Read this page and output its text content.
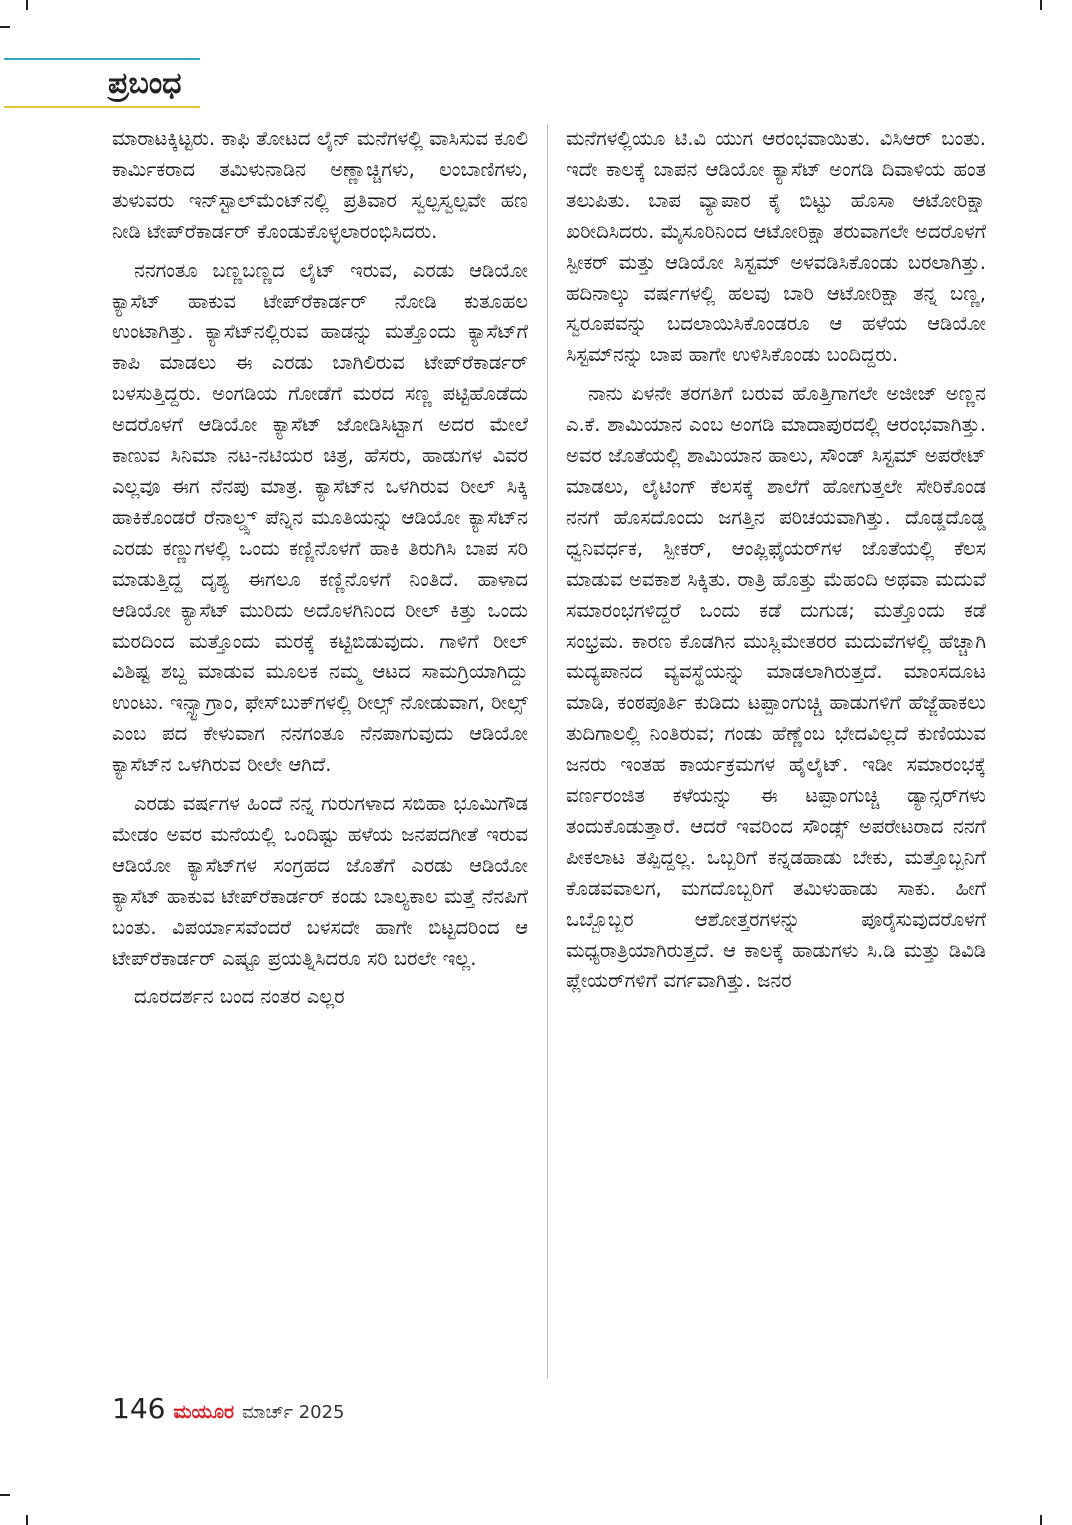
ಪ್ರಬಂಧ

ಮಾರಾಟಕ್ಕಿಟ್ಟರು. ಕಾಫಿ ತೋಟದ ಲೈನ್ ಮನೆಗಳಲ್ಲಿ ವಾಸಿಸುವ ಕೂಲಿ ಕಾರ್ಮಿಕರಾದ ತಮಿಳುನಾಡಿನ ಅಣ್ಣಾಚ್ಚಿಗಳು, ಲಂಬಾಣಿಗಳು, ತುಳುವರು ಇನ್‌ಸ್ಟಾಲ್‌ಮೆಂಟ್‌ನಲ್ಲಿ ಪ್ರತಿವಾರ ಸ್ವಲ್ಪಸ್ವಲ್ಪವೇ ಹಣ ನೀಡಿ ಟೇಪ್‌ರೆಕಾರ್ಡರ್ ಕೊಂಡುಕೊಳ್ಳಲಾರಂಭಿಸಿದರು.

ನನಗಂತೂ ಬಣ್ಣಬಣ್ಣದ ಲೈಟ್ ಇರುವ, ಎರಡು ಆಡಿಯೋ ಕ್ಯಾಸೆಟ್ ಹಾಕುವ ಟೇಪ್‌ರೆಕಾರ್ಡರ್ ನೋಡಿ ಕುತೂಹಲ ಉಂಟಾಗಿತ್ತು. ಕ್ಯಾಸೆಟ್‌ನಲ್ಲಿರುವ ಹಾಡನ್ನು ಮತ್ತೊಂದು ಕ್ಯಾಸೆಟ್‌ಗೆ ಕಾಪಿ ಮಾಡಲು ಈ ಎರಡು ಬಾಗಿಲಿರುವ ಟೇಪ್‌ರೆಕಾರ್ಡರ್ ಬಳಸುತ್ತಿದ್ದರು. ಅಂಗಡಿಯ ಗೋಡೆಗೆ ಮರದ ಸಣ್ಣ ಪಟ್ಟಿಹೊಡೆದು ಅದರೊಳಗೆ ಆಡಿಯೋ ಕ್ಯಾಸೆಟ್ ಜೋಡಿಸಿಟ್ಟಾಗ ಅದರ ಮೇಲೆ ಕಾಣುವ ಸಿನಿಮಾ ನಟ-ನಟಿಯರ ಚಿತ್ರ, ಹೆಸರು, ಹಾಡುಗಳ ವಿವರ ಎಲ್ಲವೂ ಈಗ ನೆನಪು ಮಾತ್ರ. ಕ್ಯಾಸೆಟ್‌ನ ಒಳಗಿರುವ ರೀಲ್ ಸಿಕ್ಕಿ ಹಾಕಿಕೊಂಡರೆ ರೆನಾಲ್ಡ್ಸ್ ಪೆನ್ನಿನ ಮೂತಿಯನ್ನು ಆಡಿಯೋ ಕ್ಯಾಸೆಟ್‌ನ ಎರಡು ಕಣ್ಣುಗಳಲ್ಲಿ ಒಂದು ಕಣ್ಣಿನೊಳಗೆ ಹಾಕಿ ತಿರುಗಿಸಿ ಬಾಪ ಸರಿ ಮಾಡುತ್ತಿದ್ದ ದೃಶ್ಯ ಈಗಲೂ ಕಣ್ಣಿನೊಳಗೆ ನಿಂತಿದೆ. ಹಾಳಾದ ಆಡಿಯೋ ಕ್ಯಾಸೆಟ್ ಮುರಿದು ಅದೊಳಗಿನಿಂದ ರೀಲ್ ಕಿತ್ತು ಒಂದು ಮರದಿಂದ ಮತ್ತೊಂದು ಮರಕ್ಕೆ ಕಟ್ಟಿಬಿಡುವುದು. ಗಾಳಿಗೆ ರೀಲ್ ವಿಶಿಷ್ಟ ಶಬ್ದ ಮಾಡುವ ಮೂಲಕ ನಮ್ಮ ಆಟದ ಸಾಮಗ್ರಿಯಾಗಿದ್ದು ಉಂಟು. ಇನ್ಸ್ಟಾಗ್ರಾಂ, ಫೇಸ್‌ಬುಕ್‌ಗಳಲ್ಲಿ ರೀಲ್ಸ್ ನೋಡುವಾಗ, ರೀಲ್ಸ್ ಎಂಬ ಪದ ಕೇಳುವಾಗ ನನಗಂತೂ ನೆನಪಾಗುವುದು ಆಡಿಯೋ ಕ್ಯಾಸೆಟ್‌ನ ಒಳಗಿರುವ ರೀಲೇ ಆಗಿದೆ.

ಎರಡು ವರ್ಷಗಳ ಹಿಂದೆ ನನ್ನ ಗುರುಗಳಾದ ಸಬಿಹಾ ಭೂಮಿಗೌಡ ಮೇಡಂ ಅವರ ಮನೆಯಲ್ಲಿ ಒಂದಿಷ್ಟು ಹಳೆಯ ಜನಪದಗೀತೆ ಇರುವ ಆಡಿಯೋ ಕ್ಯಾಸೆಟ್‌ಗಳ ಸಂಗ್ರಹದ ಜೊತೆಗೆ ಎರಡು ಆಡಿಯೋ ಕ್ಯಾಸೆಟ್ ಹಾಕುವ ಟೇಪ್‌ರೆಕಾರ್ಡರ್ ಕಂಡು ಬಾಲ್ಯಕಾಲ ಮತ್ತೆ ನೆನಪಿಗೆ ಬಂತು. ವಿಪರ್ಯಾಸವೆಂದರೆ ಬಳಸದೇ ಹಾಗೇ ಬಿಟ್ಟದರಿಂದ ಆ ಟೇಪ್‌ರೆಕಾರ್ಡರ್ ಎಷ್ಟೂ ಪ್ರಯತ್ನಿಸಿದರೂ ಸರಿ ಬರಲೇ ಇಲ್ಲ.

ದೂರದರ್ಶನ ಬಂದ ನಂತರ ಎಲ್ಲರ

ಮನೆಗಳಲ್ಲಿಯೂ ಟಿ.ವಿ ಯುಗ ಆರಂಭವಾಯಿತು. ವಿಸಿಆರ್ ಬಂತು. ಇದೇ ಕಾಲಕ್ಕೆ ಬಾಪನ ಆಡಿಯೋ ಕ್ಯಾಸೆಟ್ ಅಂಗಡಿ ದಿವಾಳಿಯ ಹಂತ ತಲುಪಿತು. ಬಾಪ ವ್ಯಾಪಾರ ಕೈ ಬಿಟ್ಟು ಹೊಸಾ ಆಟೋರಿಕ್ಷಾ ಖರೀದಿಸಿದರು. ಮೈಸೂರಿನಿಂದ ಆಟೋರಿಕ್ಷಾ ತರುವಾಗಲೇ ಅದರೊಳಗೆ ಸ್ಪೀಕರ್ ಮತ್ತು ಆಡಿಯೋ ಸಿಸ್ಟಮ್ ಅಳವಡಿಸಿಕೊಂಡು ಬರಲಾಗಿತ್ತು. ಹದಿನಾಲ್ಕು ವರ್ಷಗಳಲ್ಲಿ ಹಲವು ಬಾರಿ ಆಟೋರಿಕ್ಷಾ ತನ್ನ ಬಣ್ಣ, ಸ್ವರೂಪವನ್ನು ಬದಲಾಯಿಸಿಕೊಂಡರೂ ಆ ಹಳೆಯ ಆಡಿಯೋ ಸಿಸ್ಟಮ್‌ನನ್ನು ಬಾಪ ಹಾಗೇ ಉಳಿಸಿಕೊಂಡು ಬಂದಿದ್ದರು.

ನಾನು ಏಳನೇ ತರಗತಿಗೆ ಬರುವ ಹೊತ್ತಿಗಾಗಲೇ ಅಜೀಜ್ ಅಣ್ಣನ ಎ.ಕೆ. ಶಾಮಿಯಾನ ಎಂಬ ಅಂಗಡಿ ಮಾದಾಪುರದಲ್ಲಿ ಆರಂಭವಾಗಿತ್ತು. ಅವರ ಜೊತೆಯಲ್ಲಿ ಶಾಮಿಯಾನ ಹಾಲು, ಸೌಂಡ್ ಸಿಸ್ಟಮ್ ಅಪರೇಟ್ ಮಾಡಲು, ಲೈಟಿಂಗ್ ಕೆಲಸಕ್ಕೆ ಶಾಲೆಗೆ ಹೋಗುತ್ತಲೇ ಸೇರಿಕೊಂಡ ನನಗೆ ಹೊಸದೊಂದು ಜಗತ್ತಿನ ಪರಿಚಯವಾಗಿತ್ತು. ದೊಡ್ಡದೊಡ್ಡ ಧ್ವನಿವರ್ಧಕ, ಸ್ಪೀಕರ್, ಆಂಪ್ಲಿಫೈಯರ್‌ಗಳ ಜೊತೆಯಲ್ಲಿ ಕೆಲಸ ಮಾಡುವ ಅವಕಾಶ ಸಿಕ್ಕಿತು. ರಾತ್ರಿ ಹೊತ್ತು ಮೆಹಂದಿ ಅಥವಾ ಮದುವೆ ಸಮಾರಂಭಗಳಿದ್ದರೆ ಒಂದು ಕಡೆ ದುಗುಡ; ಮತ್ತೊಂದು ಕಡೆ ಸಂಭ್ರಮ. ಕಾರಣ ಕೊಡಗಿನ ಮುಸ್ಲಿಮೇತರರ ಮದುವೆಗಳಲ್ಲಿ ಹೆಚ್ಚಾಗಿ ಮದ್ಯಪಾನದ ವ್ಯವಸ್ಥೆಯನ್ನು ಮಾಡಲಾಗಿರುತ್ತದೆ. ಮಾಂಸದೂಟ ಮಾಡಿ, ಕಂಠಪೂರ್ತಿ ಕುಡಿದು ಟಪ್ಪಾಂಗುಚ್ಚಿ ಹಾಡುಗಳಿಗೆ ಹೆಜ್ಜೆಹಾಕಲು ತುದಿಗಾಲಲ್ಲಿ ನಿಂತಿರುವ; ಗಂಡು ಹೆಣ್ಣೆಂಬ ಭೇದವಿಲ್ಲದೆ ಕುಣಿಯುವ ಜನರು ಇಂತಹ ಕಾರ್ಯಕ್ರಮಗಳ ಹೈಲೈಟ್. ಇಡೀ ಸಮಾರಂಭಕ್ಕೆ ವರ್ಣರಂಜಿತ ಕಳೆಯನ್ನು ಈ ಟಪ್ಪಾಂಗುಚ್ಚಿ ಡ್ಯಾನ್ಸರ್‌ಗಳು ತಂದುಕೊಡುತ್ತಾರೆ. ಆದರೆ ಇವರಿಂದ ಸೌಂಡ್ಸ್ ಅಪರೇಟರಾದ ನನಗೆ ಪೀಕಲಾಟ ತಪ್ಪಿದ್ದಲ್ಲ. ಒಬ್ಬರಿಗೆ ಕನ್ನಡಹಾಡು ಬೇಕು, ಮತ್ತೊಬ್ಬನಿಗೆ ಕೊಡವವಾಲಗ, ಮಗದೊಬ್ಬರಿಗೆ ತಮಿಳುಹಾಡು ಸಾಕು. ಹೀಗೆ ಒಬ್ಬೊಬ್ಬರ ಆಶೋತ್ತರಗಳನ್ನು ಪೂರೈಸುವುದರೊಳಗೆ ಮಧ್ಯರಾತ್ರಿಯಾಗಿರುತ್ತದೆ. ಆ ಕಾಲಕ್ಕೆ ಹಾಡುಗಳು ಸಿ.ಡಿ ಮತ್ತು ಡಿವಿಡಿ ಪ್ಲೇಯರ್‌ಗಳಿಗೆ ವರ್ಗವಾಗಿತ್ತು. ಜನರ

146 ಮಯೂರ ಮಾರ್ಚ್ 2025
